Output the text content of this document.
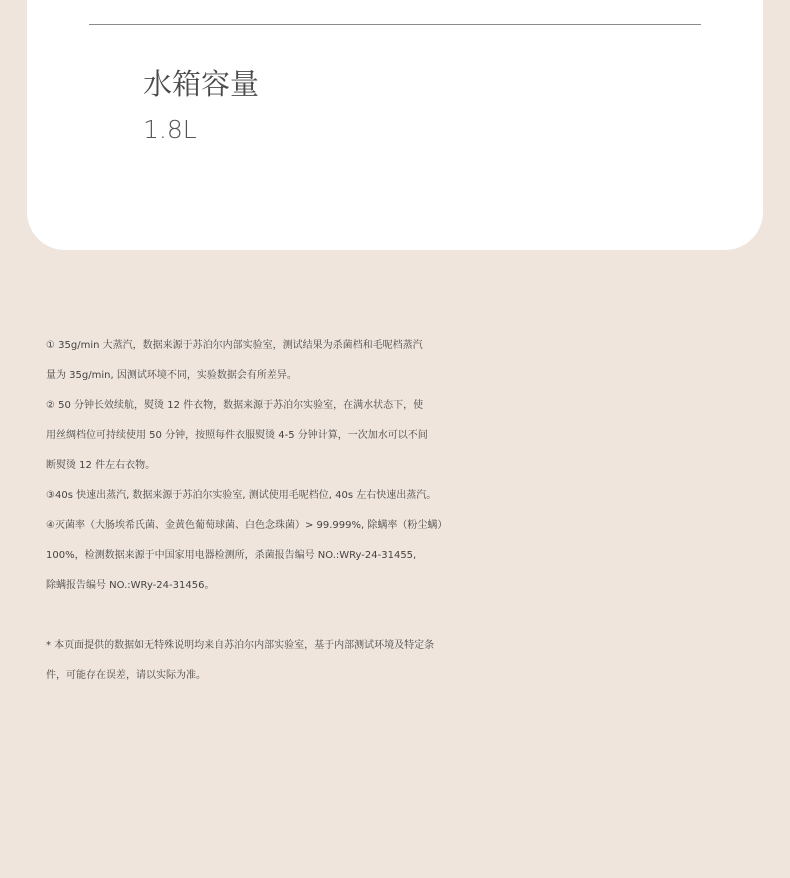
水箱容量
1.8L
① 35g/min 大蒸汽，数据来源于苏泊尔内部实验室，测试结果为杀菌档和毛呢档蒸汽
量为 35g/min, 因测试环境不同，实验数据会有所差异。
② 50 分钟长效续航，熨烫 12 件衣物，数据来源于苏泊尔实验室，在满水状态下，使
用丝绸档位可持续使用 50 分钟，按照每件衣服熨烫 4-5 分钟计算，一次加水可以不间
断熨烫 12 件左右衣物。
③40s 快速出蒸汽, 数据来源于苏泊尔实验室, 测试使用毛呢档位, 40s 左右快速出蒸汽。
④灭菌率（大肠埃希氏菌、金黄色葡萄球菌、白色念珠菌）> 99.999%, 除螨率（粉尘螨）
100%，检测数据来源于中国家用电器检测所，杀菌报告编号 NO.:WRy-24-31455,
除螨报告编号 NO.:WRy-24-31456。
* 本页面提供的数据如无特殊说明均来自苏泊尔内部实验室，基于内部测试环境及特定条
件，可能存在误差，请以实际为准。
